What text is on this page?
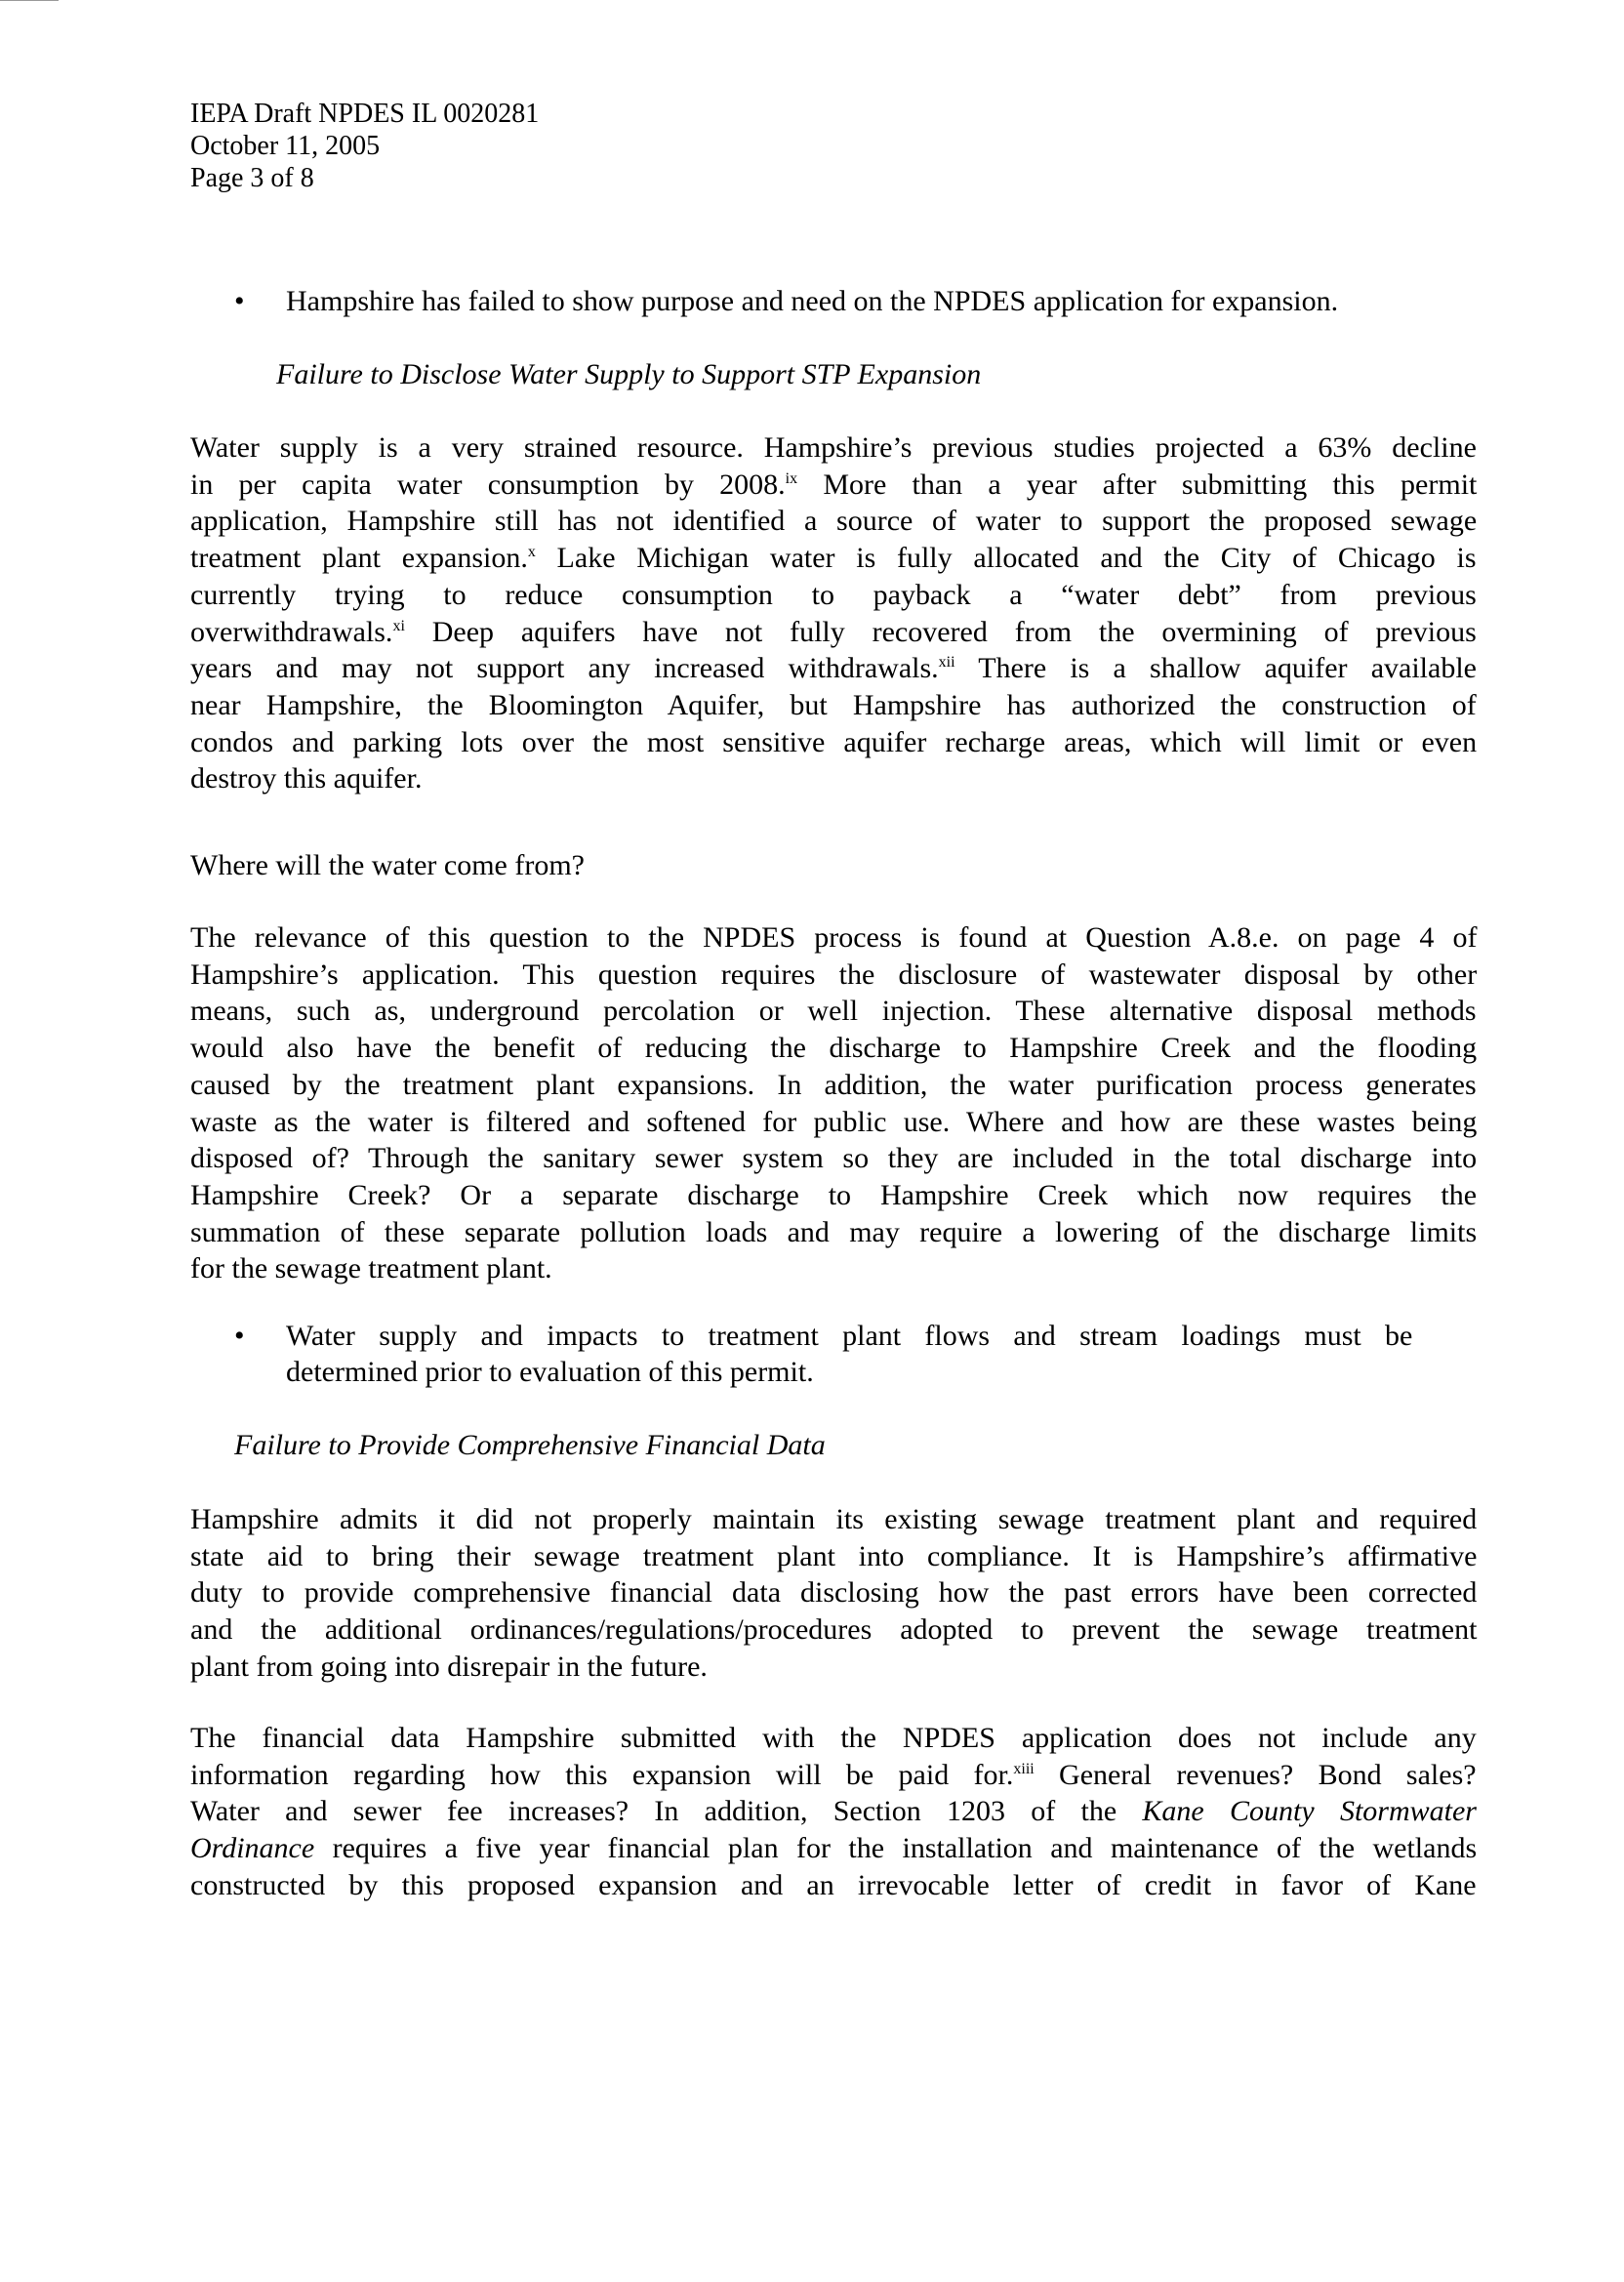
IEPA Draft NPDES IL 0020281
October 11, 2005
Page 3 of 8
• Hampshire has failed to show purpose and need on the NPDES application for expansion.
Failure to Disclose Water Supply to Support STP Expansion
Water supply is a very strained resource. Hampshire’s previous studies projected a 63% decline
in per capita water consumption by 2008.$^{ix}$ More than a year after submitting this permit
application, Hampshire still has not identified a source of water to support the proposed sewage
treatment plant expansion.$^x$ Lake Michigan water is fully allocated and the City of Chicago is
currently trying to reduce consumption to payback a “water debt” from previous
overwithdrawals.$^{xi}$ Deep aquifers have not fully recovered from the overmining of previous
years and may not support any increased withdrawals.$^{xii}$ There is a shallow aquifer available
near Hampshire, the Bloomington Aquifer, but Hampshire has authorized the construction of
condos and parking lots over the most sensitive aquifer recharge areas, which will limit or even
destroy this aquifer.
Where will the water come from?
The relevance of this question to the NPDES process is found at Question A.8.e. on page 4 of
Hampshire’s application. This question requires the disclosure of wastewater disposal by other
means, such as, underground percolation or well injection. These alternative disposal methods
would also have the benefit of reducing the discharge to Hampshire Creek and the flooding
caused by the treatment plant expansions. In addition, the water purification process generates
waste as the water is filtered and softened for public use. Where and how are these wastes being
disposed of? Through the sanitary sewer system so they are included in the total discharge into
Hampshire Creek? Or a separate discharge to Hampshire Creek which now requires the
summation of these separate pollution loads and may require a lowering of the discharge limits
for the sewage treatment plant.
• Water supply and impacts to treatment plant flows and stream loadings must be
determined prior to evaluation of this permit.
Failure to Provide Comprehensive Financial Data
Hampshire admits it did not properly maintain its existing sewage treatment plant and required
state aid to bring their sewage treatment plant into compliance. It is Hampshire’s affirmative
duty to provide comprehensive financial data disclosing how the past errors have been corrected
and the additional ordinances/regulations/procedures adopted to prevent the sewage treatment
plant from going into disrepair in the future.
The financial data Hampshire submitted with the NPDES application does not include any
information regarding how this expansion will be paid for.$^{xiii}$ General revenues? Bond sales?
Water and sewer fee increases? In addition, Section 1203 of the Kane County Stormwater
Ordinance requires a five year financial plan for the installation and maintenance of the wetlands
constructed by this proposed expansion and an irrevocable letter of credit in favor of Kane
